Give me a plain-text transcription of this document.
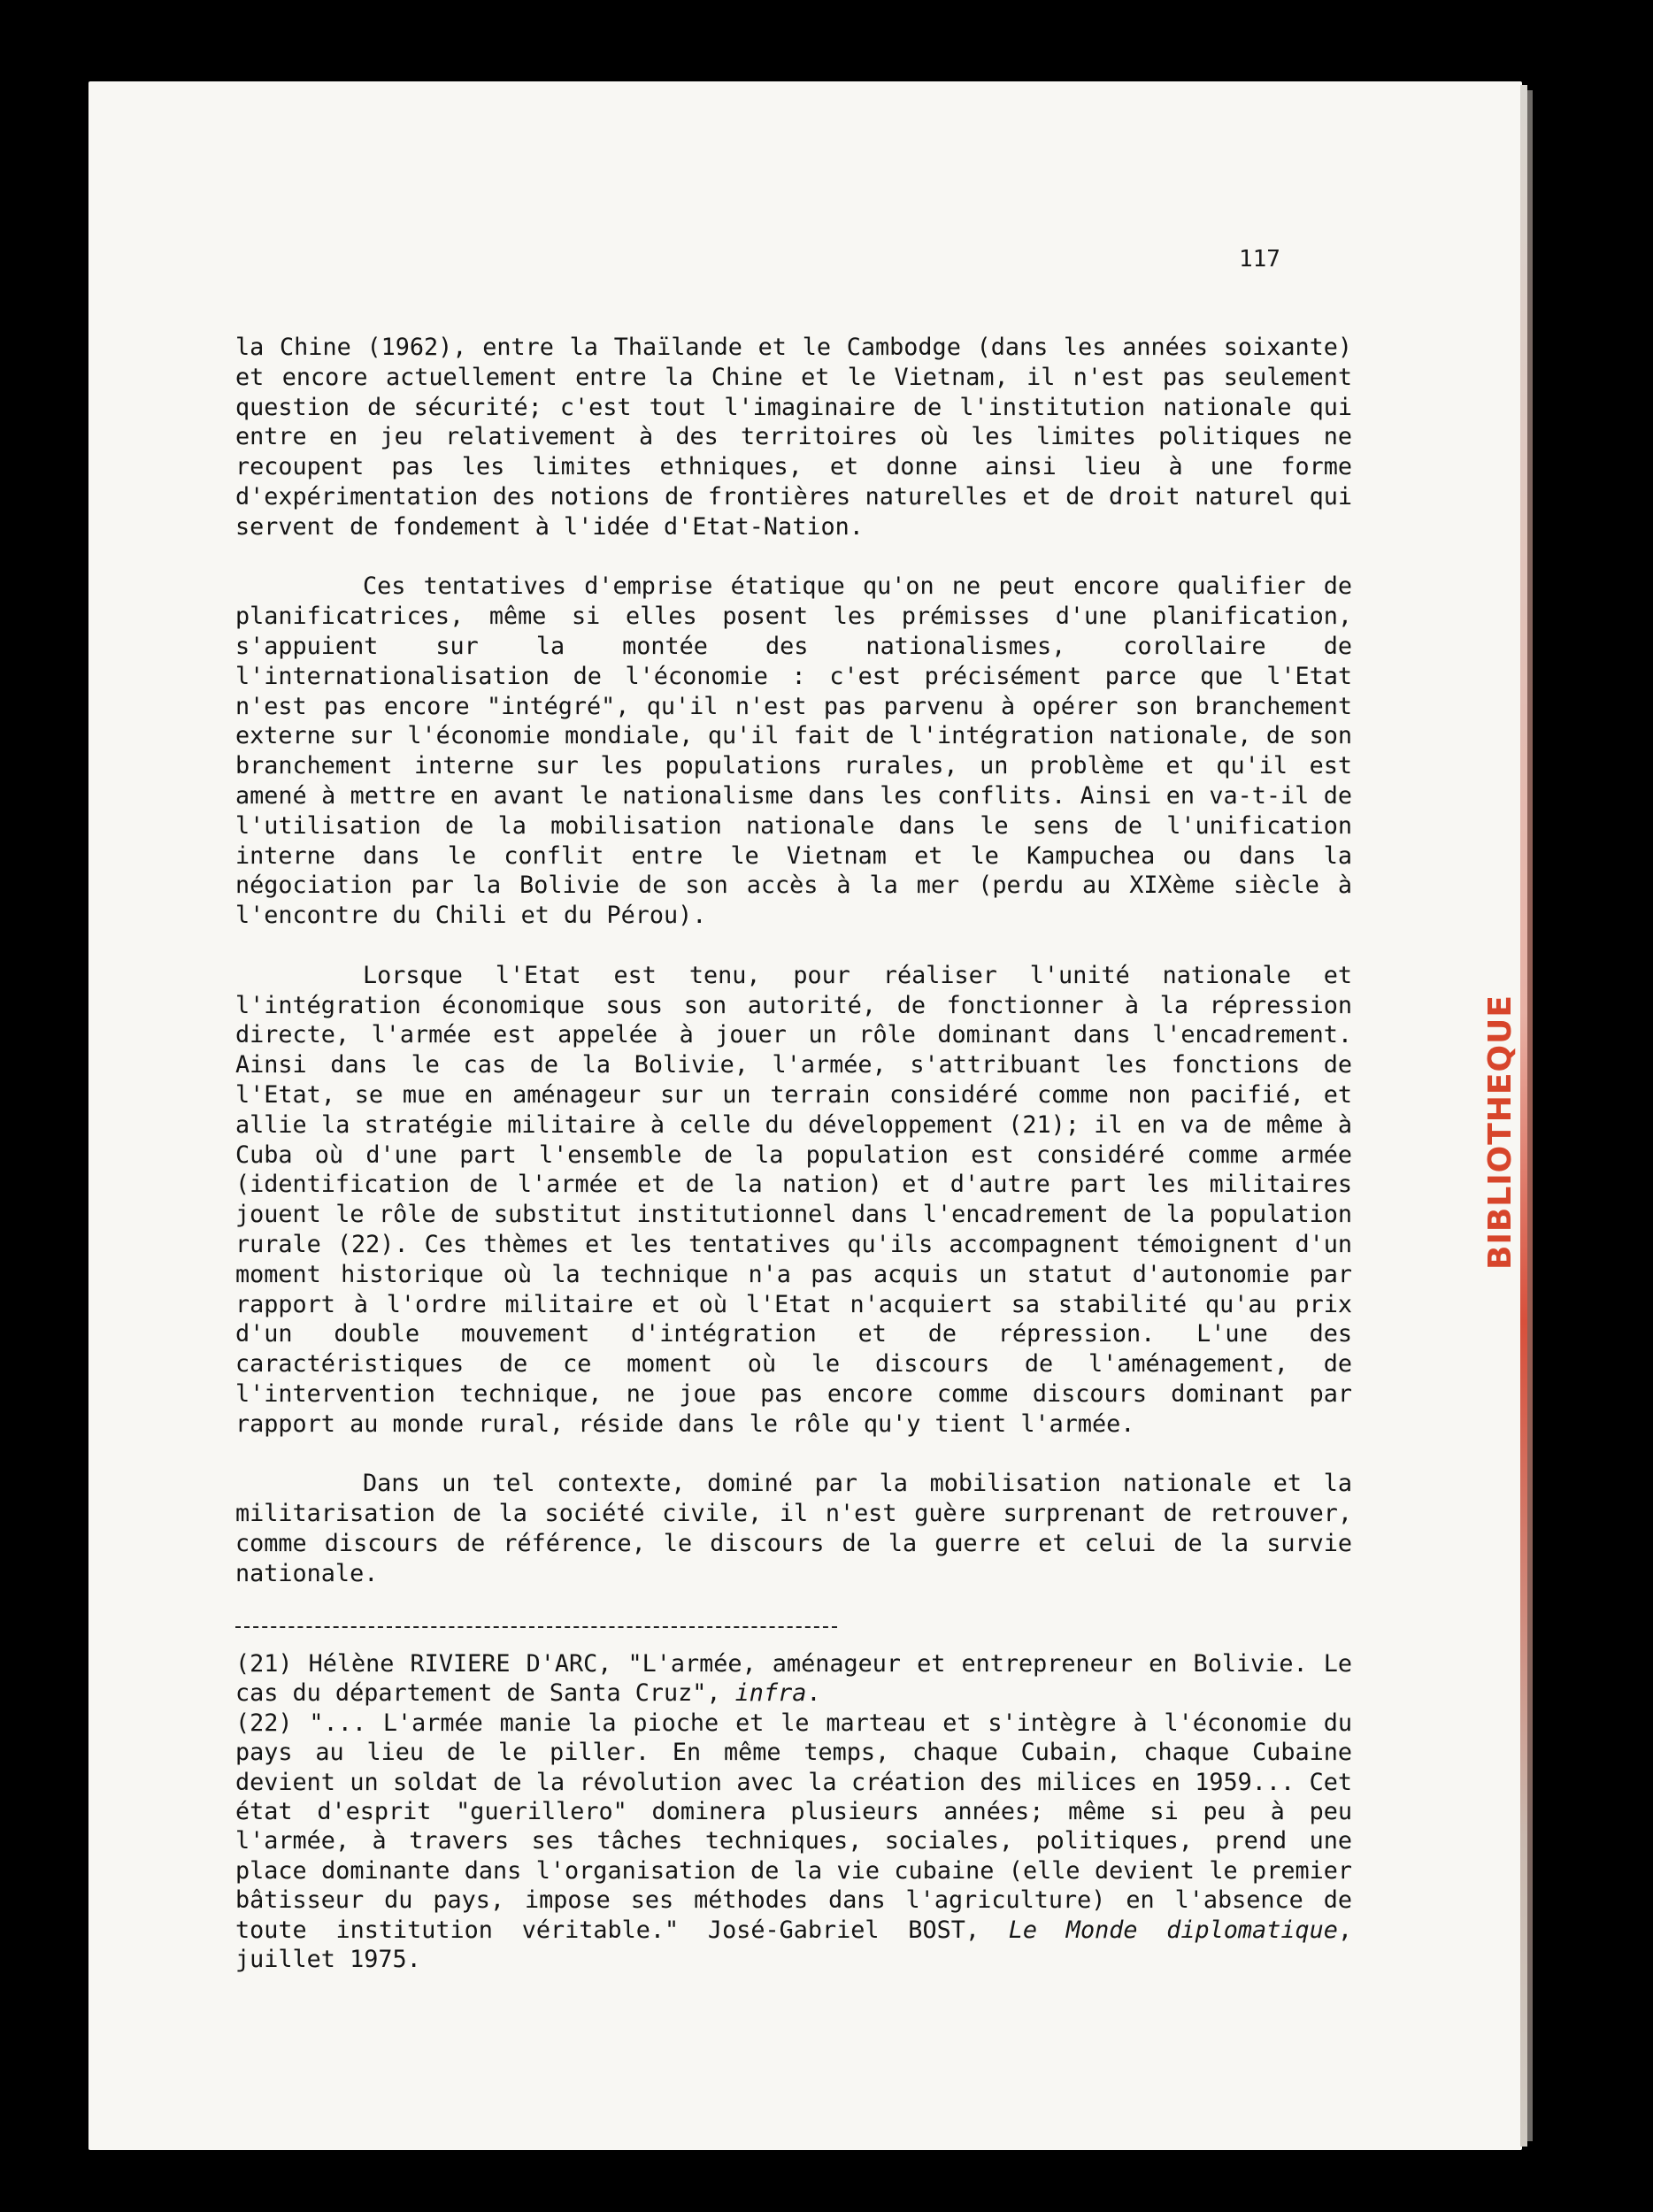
BIBLIOTHEQUE
117

la Chine (1962), entre la Thaïlande et le Cambodge (dans les années soixante) et encore actuellement entre la Chine et le Vietnam, il n'est pas seulement question de sécurité; c'est tout l'imaginaire de l'institution nationale qui entre en jeu relativement à des territoires où les limites politiques ne recoupent pas les limites ethniques, et donne ainsi lieu à une forme d'expérimentation des notions de frontières naturelles et de droit naturel qui servent de fondement à l'idée d'Etat-Nation.

Ces tentatives d'emprise étatique qu'on ne peut encore qualifier de planificatrices, même si elles posent les prémisses d'une planification, s'appuient sur la montée des nationalismes, corollaire de l'internationalisation de l'économie : c'est précisément parce que l'Etat n'est pas encore "intégré", qu'il n'est pas parvenu à opérer son branchement externe sur l'économie mondiale, qu'il fait de l'intégration nationale, de son branchement interne sur les populations rurales, un problème et qu'il est amené à mettre en avant le nationalisme dans les conflits. Ainsi en va-t-il de l'utilisation de la mobilisation nationale dans le sens de l'unification interne dans le conflit entre le Vietnam et le Kampuchea ou dans la négociation par la Bolivie de son accès à la mer (perdu au XIXème siècle à l'encontre du Chili et du Pérou).

Lorsque l'Etat est tenu, pour réaliser l'unité nationale et l'intégration économique sous son autorité, de fonctionner à la répression directe, l'armée est appelée à jouer un rôle dominant dans l'encadrement. Ainsi dans le cas de la Bolivie, l'armée, s'attribuant les fonctions de l'Etat, se mue en aménageur sur un terrain considéré comme non pacifié, et allie la stratégie militaire à celle du développement (21); il en va de même à Cuba où d'une part l'ensemble de la population est considéré comme armée (identification de l'armée et de la nation) et d'autre part les militaires jouent le rôle de substitut institutionnel dans l'encadrement de la population rurale (22). Ces thèmes et les tentatives qu'ils accompagnent témoignent d'un moment historique où la technique n'a pas acquis un statut d'autonomie par rapport à l'ordre militaire et où l'Etat n'acquiert sa stabilité qu'au prix d'un double mouvement d'intégration et de répression. L'une des caractéristiques de ce moment où le discours de l'aménagement, de l'intervention technique, ne joue pas encore comme discours dominant par rapport au monde rural, réside dans le rôle qu'y tient l'armée.

Dans un tel contexte, dominé par la mobilisation nationale et la militarisation de la société civile, il n'est guère surprenant de retrouver, comme discours de référence, le discours de la guerre et celui de la survie nationale.

(21) Hélène RIVIERE D'ARC, "L'armée, aménageur et entrepreneur en Bolivie. Le cas du département de Santa Cruz", infra.

(22) "... L'armée manie la pioche et le marteau et s'intègre à l'économie du pays au lieu de le piller. En même temps, chaque Cubain, chaque Cubaine devient un soldat de la révolution avec la création des milices en 1959... Cet état d'esprit "guerillero" dominera plusieurs années; même si peu à peu l'armée, à travers ses tâches techniques, sociales, politiques, prend une place dominante dans l'organisation de la vie cubaine (elle devient le premier bâtisseur du pays, impose ses méthodes dans l'agriculture) en l'absence de toute institution véritable." José-Gabriel BOST, Le Monde diplomatique, juillet 1975.
